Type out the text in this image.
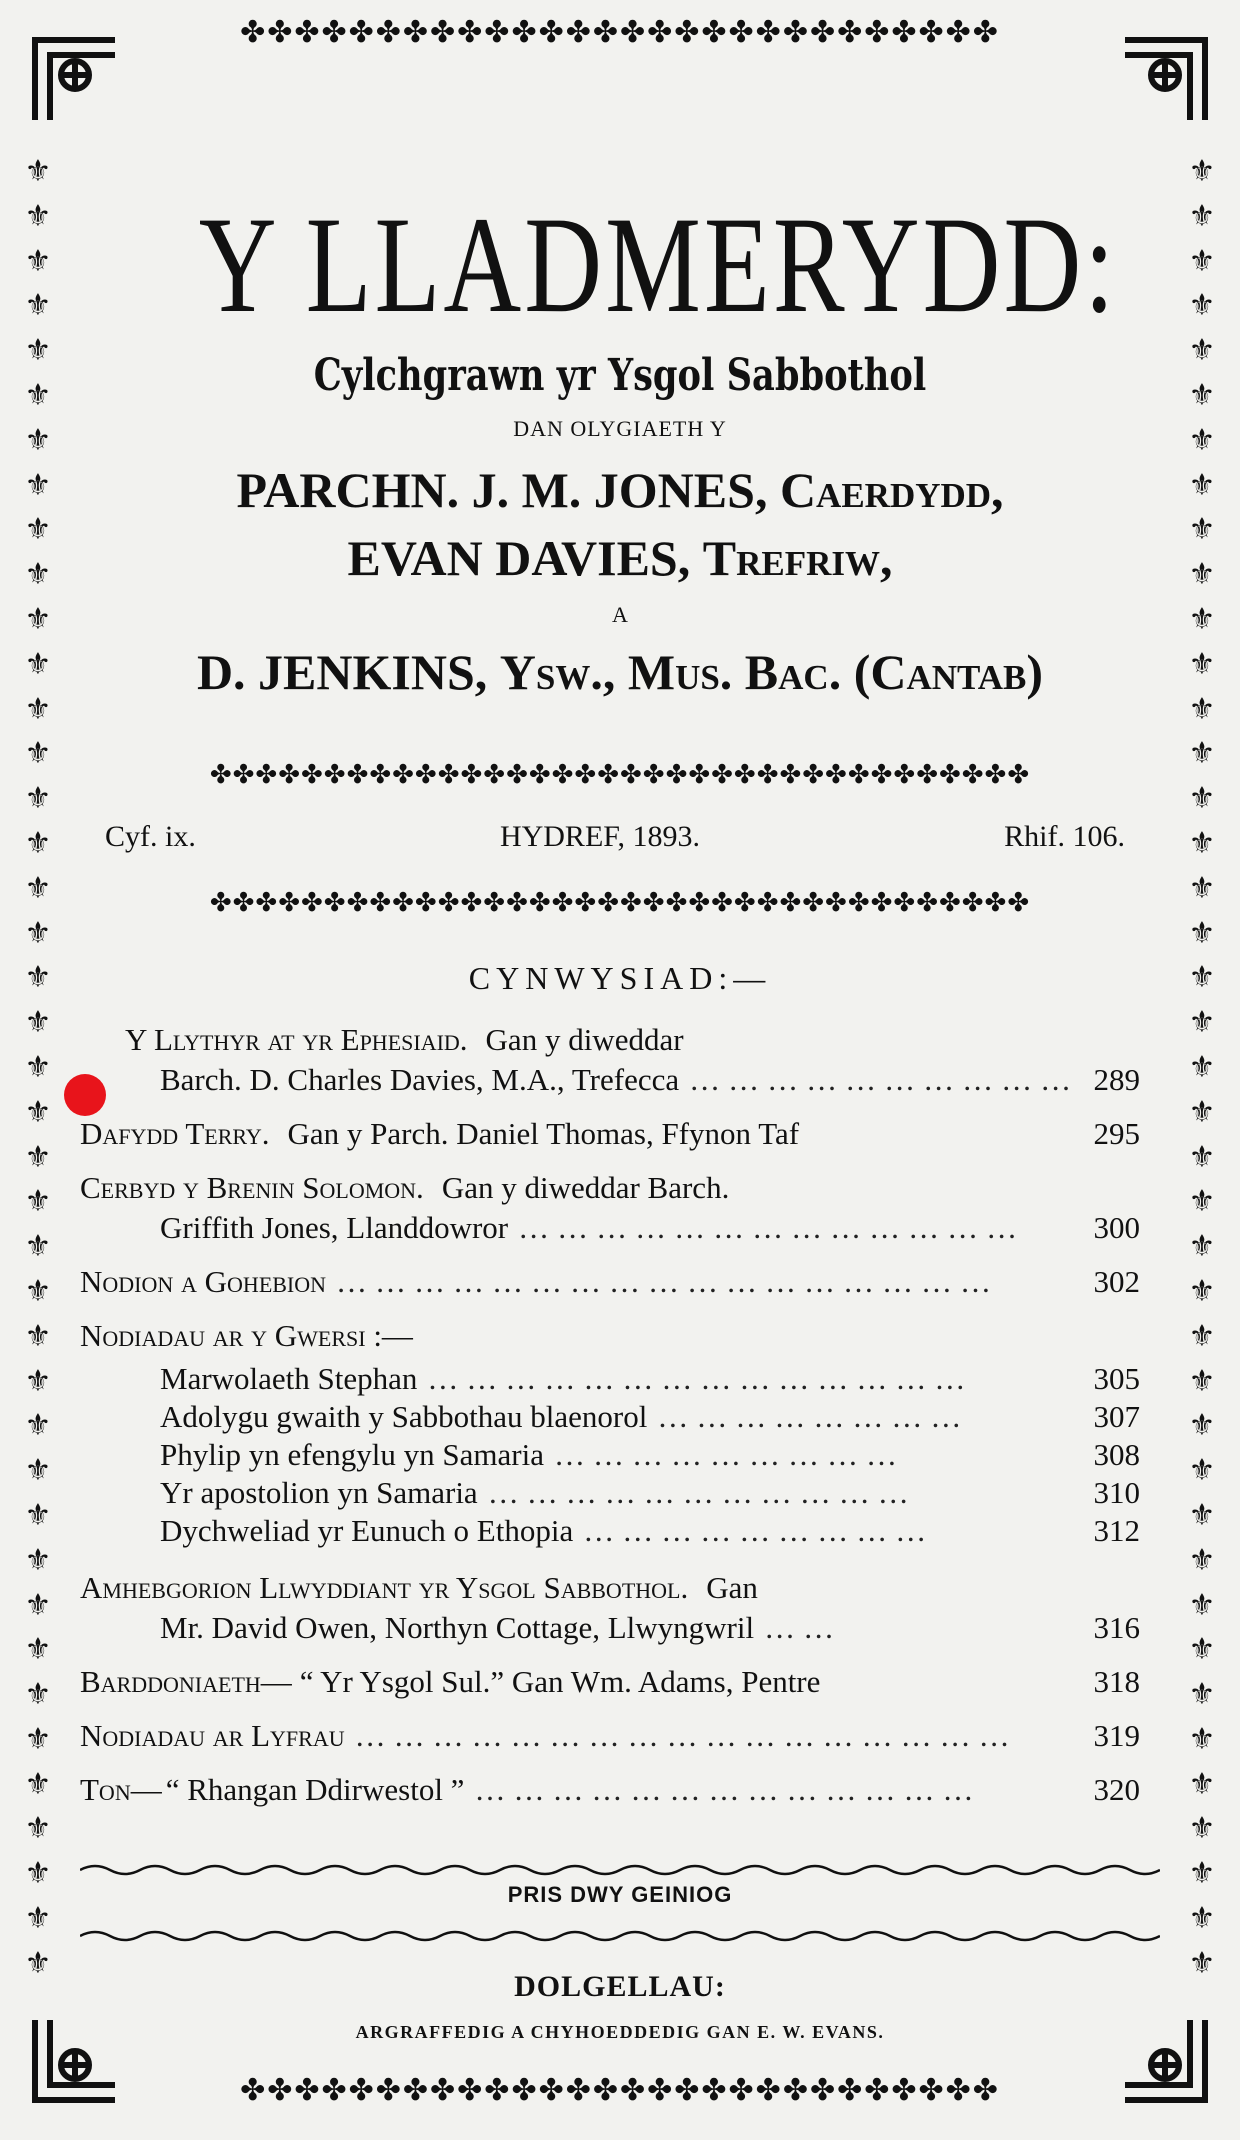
✤✤✤✤✤✤✤✤✤✤✤✤✤✤✤✤✤✤✤✤✤✤✤✤✤✤✤✤
✤✤✤✤✤✤✤✤✤✤✤✤✤✤✤✤✤✤✤✤✤✤✤✤✤✤✤✤
⚜
⚜
⚜
⚜
⚜
⚜
⚜
⚜
⚜
⚜
⚜
⚜
⚜
⚜
⚜
⚜
⚜
⚜
⚜
⚜
⚜
⚜
⚜
⚜
⚜
⚜
⚜
⚜
⚜
⚜
⚜
⚜
⚜
⚜
⚜
⚜
⚜
⚜
⚜
⚜
⚜
⚜
⚜
⚜
⚜
⚜
⚜
⚜
⚜
⚜
⚜
⚜
⚜
⚜
⚜
⚜
⚜
⚜
⚜
⚜
⚜
⚜
⚜
⚜
⚜
⚜
⚜
⚜
⚜
⚜
⚜
⚜
⚜
⚜
⚜
⚜
⚜
⚜
⚜
⚜
⚜
⚜
Y LLADMERYDD:
Cylchgrawn yr Ysgol Sabbothol
DAN OLYGIAETH Y
PARCHN. J. M. JONES, Caerdydd,
EVAN DAVIES, Trefriw,
A
D. JENKINS, Ysw., Mus. Bac. (Cantab)
✤✤✤✤✤✤✤✤✤✤✤✤✤✤✤✤✤✤✤✤✤✤✤✤✤✤✤✤✤✤✤✤✤✤✤✤
Cyf. ix.	HYDREF, 1893.	Rhif. 106.
✤✤✤✤✤✤✤✤✤✤✤✤✤✤✤✤✤✤✤✤✤✤✤✤✤✤✤✤✤✤✤✤✤✤✤✤
CYNWYSIAD:—
Y Llythyr at yr Ephesiaid. Gan y diweddar
Barch. D. Charles Davies, M.A., Trefecca ………………………… 289
Dafydd Terry. Gan y Parch. Daniel Thomas, Ffynon Taf	295
Cerbyd y Brenin Solomon. Gan y diweddar Barch.
Griffith Jones, Llanddowror …………………………………	300
Nodion a Gohebion ……………………………………………	302
Nodiadau ar y Gwersi :—
Marwolaeth Stephan ……………………………………	305
Adolygu gwaith y Sabbothau blaenorol ……………………	307
Phylip yn efengylu yn Samaria ………………………	308
Yr apostolion yn Samaria ……………………………	310
Dychweliad yr Eunuch o Ethopia ………………………	312
Amhebgorion Llwyddiant yr Ysgol Sabbothol. Gan
Mr. David Owen, Northyn Cottage, Llwyngwril ……	316
Barddoniaeth— “ Yr Ysgol Sul.” Gan Wm. Adams, Pentre	318
Nodiadau ar Lyfrau ……………………………………………	319
Ton— “ Rhangan Ddirwestol ” …………………………………	320
PRIS DWY GEINIOG
DOLGELLAU:
ARGRAFFEDIG A CHYHOEDDEDIG GAN E. W. EVANS.
